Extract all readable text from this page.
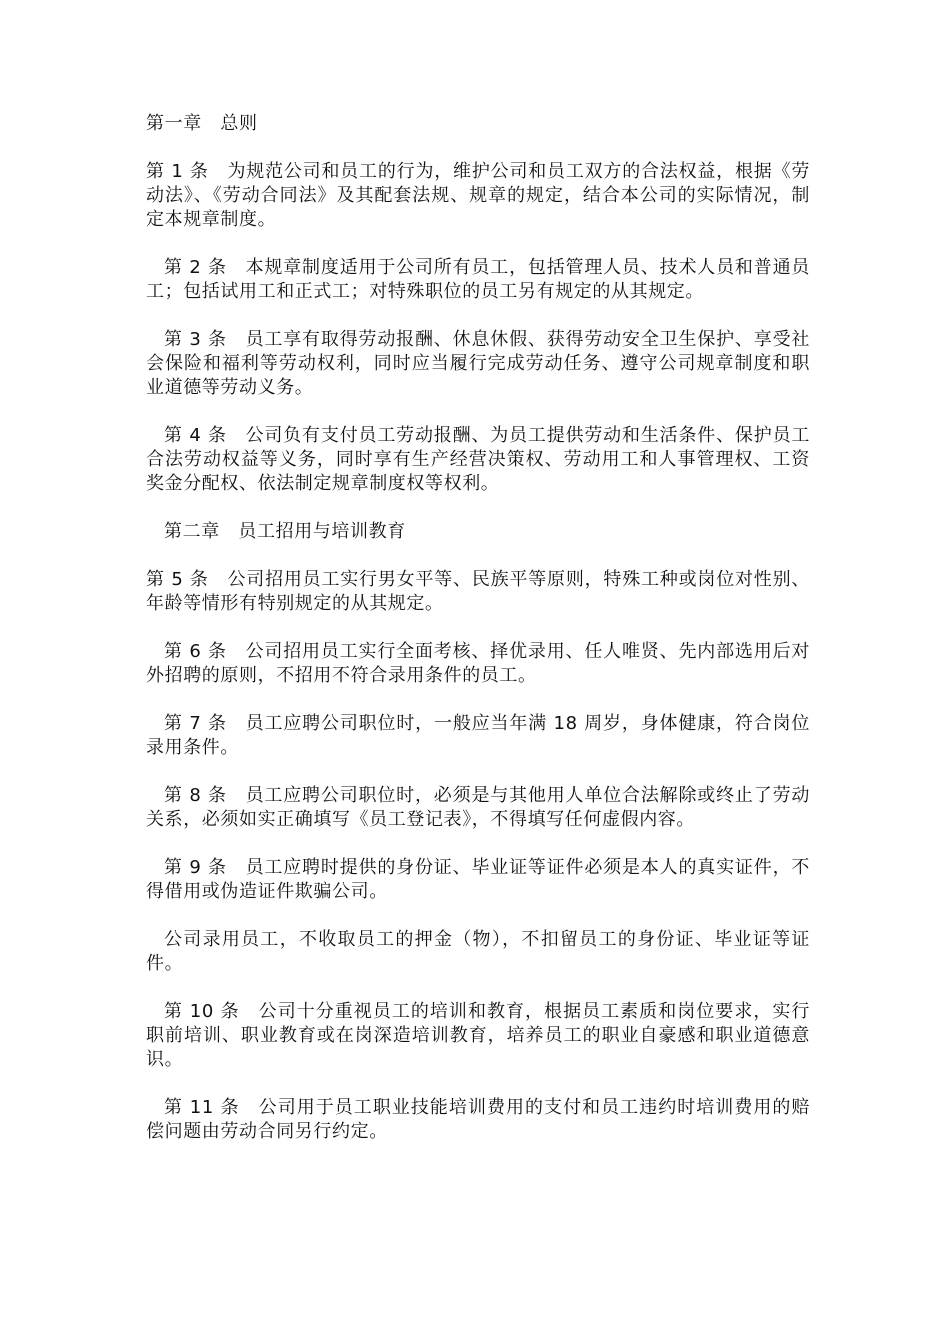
第一章　总则

第 1 条　为规范公司和员工的行为，维护公司和员工双方的合法权益，根据《劳动法》、《劳动合同法》及其配套法规、规章的规定，结合本公司的实际情况，制定本规章制度。

第 2 条　本规章制度适用于公司所有员工，包括管理人员、技术人员和普通员工；包括试用工和正式工；对特殊职位的员工另有规定的从其规定。

第 3 条　员工享有取得劳动报酬、休息休假、获得劳动安全卫生保护、享受社会保险和福利等劳动权利，同时应当履行完成劳动任务、遵守公司规章制度和职业道德等劳动义务。

第 4 条　公司负有支付员工劳动报酬、为员工提供劳动和生活条件、保护员工合法劳动权益等义务，同时享有生产经营决策权、劳动用工和人事管理权、工资奖金分配权、依法制定规章制度权等权利。

第二章　员工招用与培训教育

第 5 条　公司招用员工实行男女平等、民族平等原则，特殊工种或岗位对性别、年龄等情形有特别规定的从其规定。

第 6 条　公司招用员工实行全面考核、择优录用、任人唯贤、先内部选用后对外招聘的原则，不招用不符合录用条件的员工。

第 7 条　员工应聘公司职位时，一般应当年满 18 周岁，身体健康，符合岗位录用条件。

第 8 条　员工应聘公司职位时，必须是与其他用人单位合法解除或终止了劳动关系，必须如实正确填写《员工登记表》，不得填写任何虚假内容。

第 9 条　员工应聘时提供的身份证、毕业证等证件必须是本人的真实证件，不得借用或伪造证件欺骗公司。

公司录用员工，不收取员工的押金（物），不扣留员工的身份证、毕业证等证件。

第 10 条　公司十分重视员工的培训和教育，根据员工素质和岗位要求，实行职前培训、职业教育或在岗深造培训教育，培养员工的职业自豪感和职业道德意识。

第 11 条　公司用于员工职业技能培训费用的支付和员工违约时培训费用的赔偿问题由劳动合同另行约定。
